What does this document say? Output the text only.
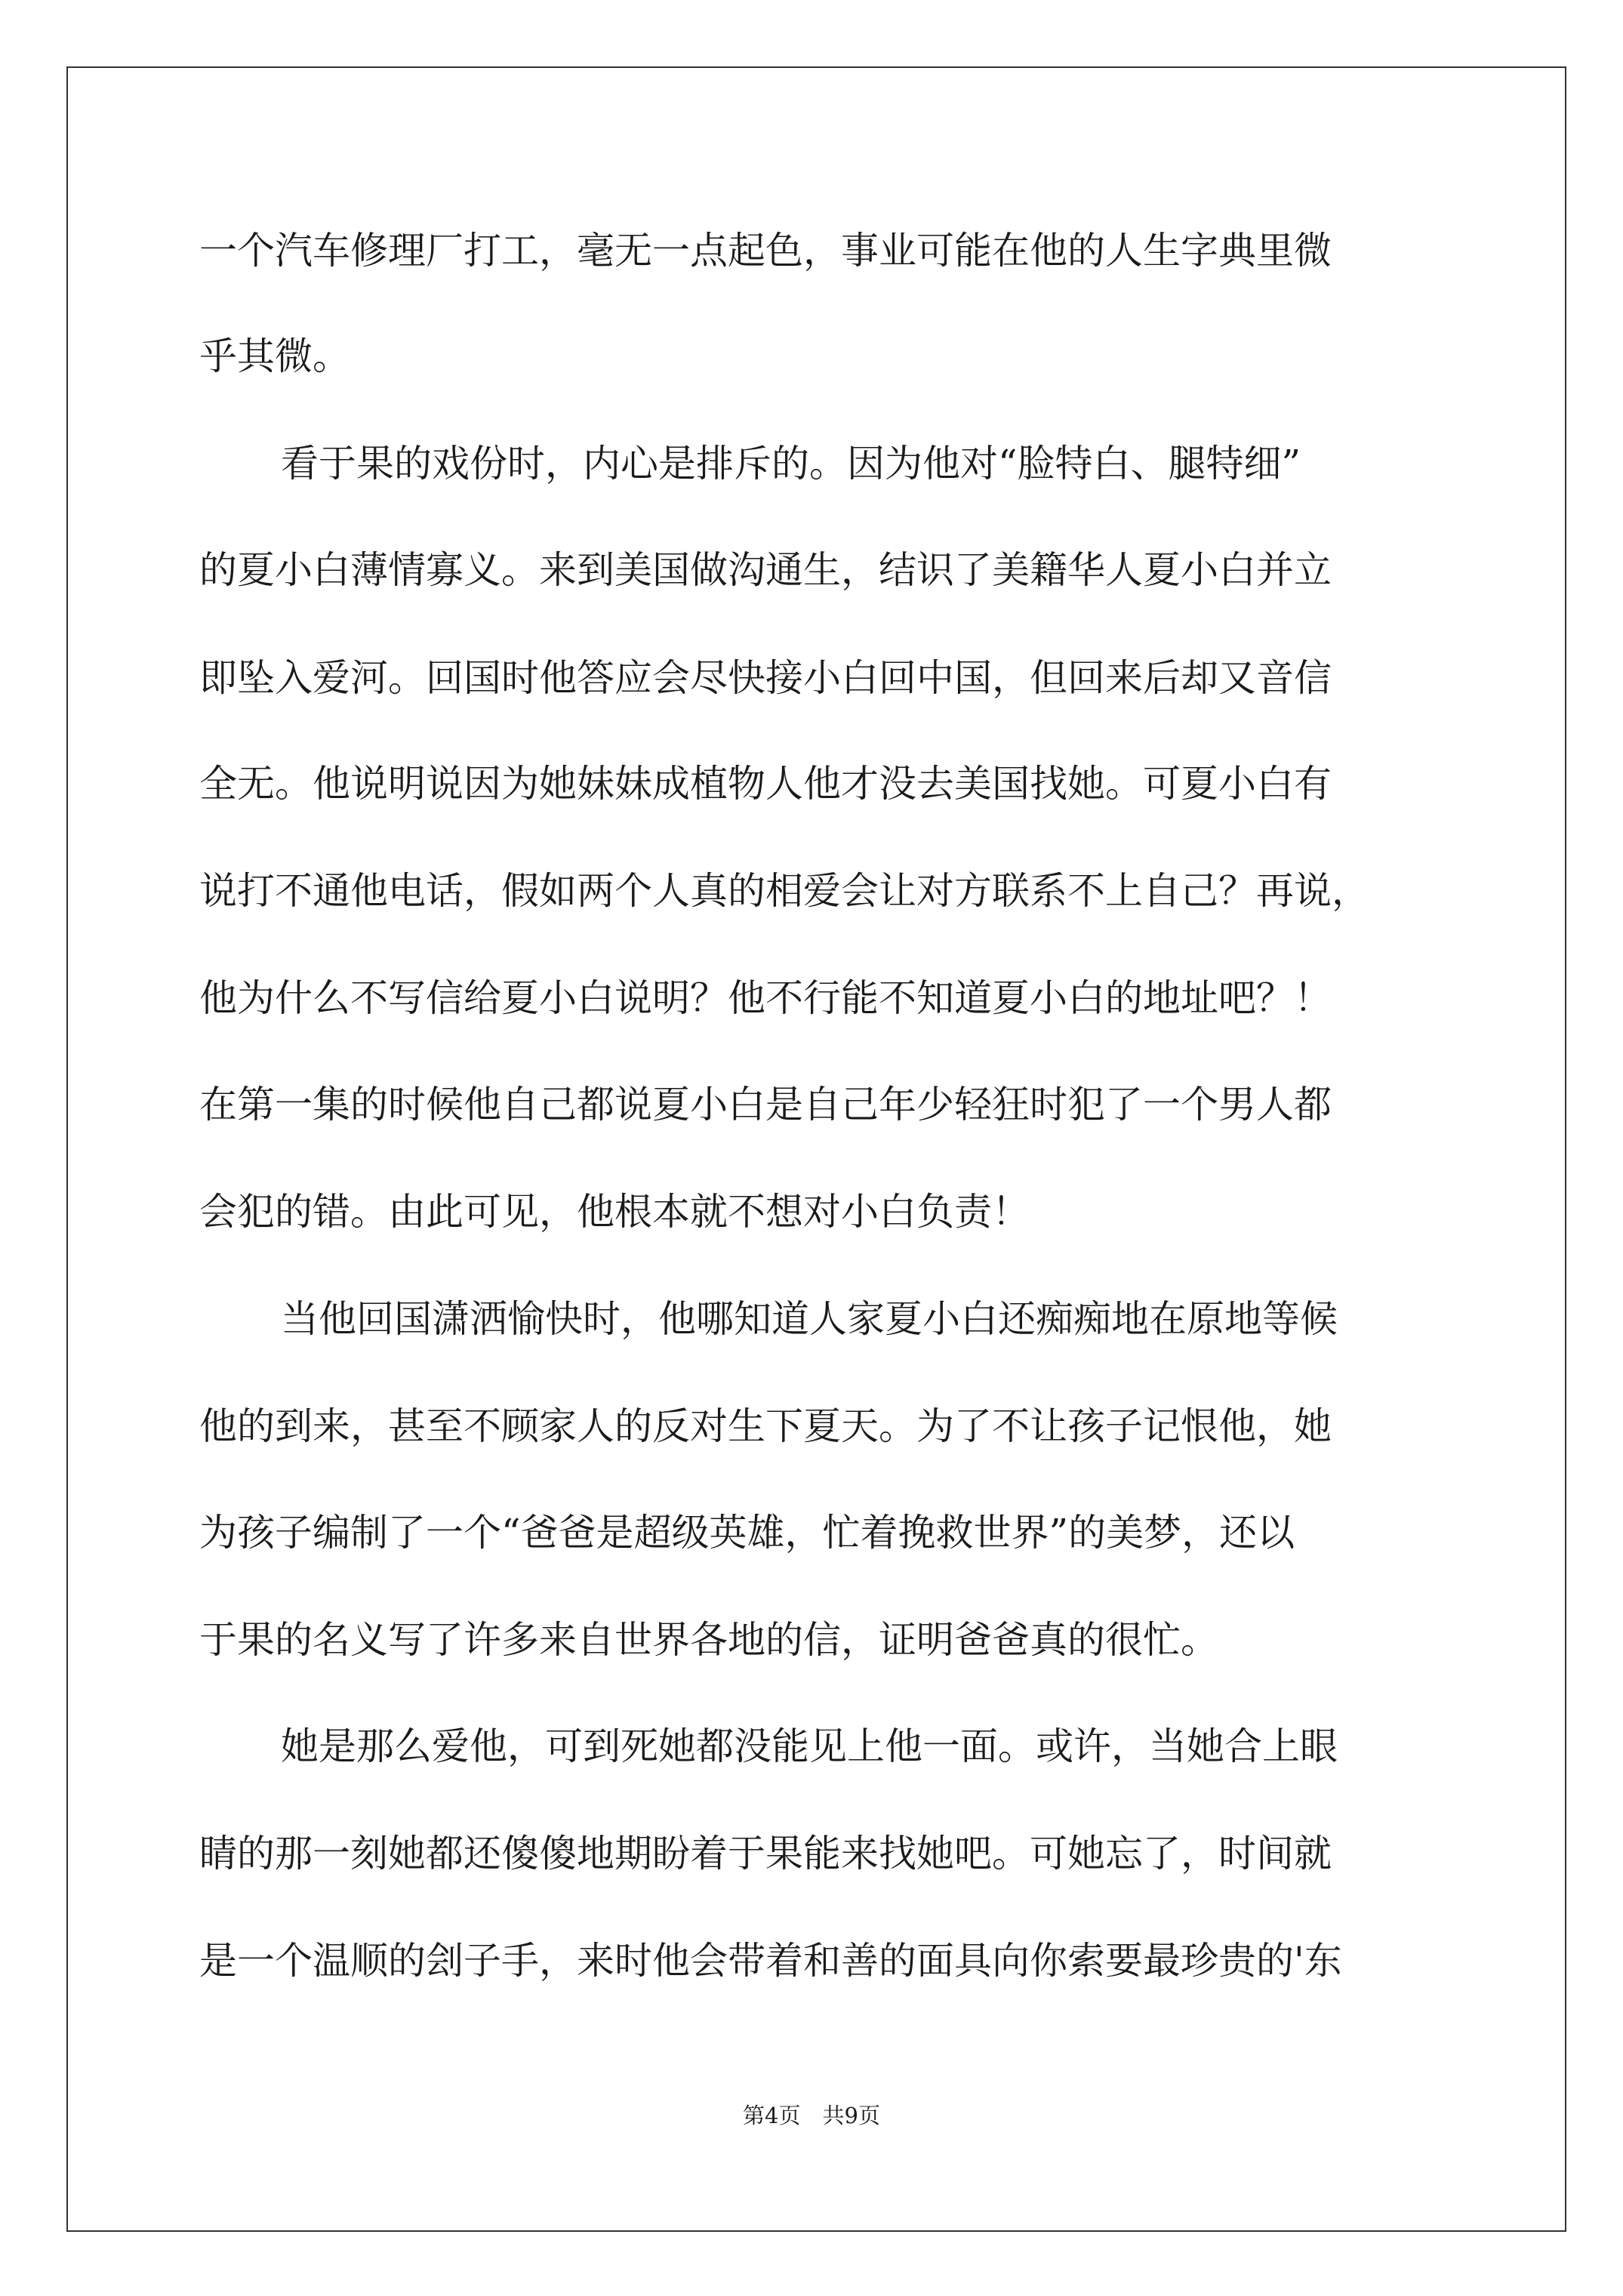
一个汽车修理厂打工，毫无一点起色，事业可能在他的人生字典里微
乎其微。
看于果的戏份时，内心是排斥的。因为他对“脸特白、腿特细”
的夏小白薄情寡义。来到美国做沟通生，结识了美籍华人夏小白并立
即坠入爱河。回国时他答应会尽快接小白回中国，但回来后却又音信
全无。他说明说因为她妹妹成植物人他才没去美国找她。可夏小白有
说打不通他电话，假如两个人真的相爱会让对方联系不上自己？再说，
他为什么不写信给夏小白说明？他不行能不知道夏小白的地址吧？！
在第一集的时候他自己都说夏小白是自己年少轻狂时犯了一个男人都
会犯的错。由此可见，他根本就不想对小白负责！
当他回国潇洒愉快时，他哪知道人家夏小白还痴痴地在原地等候
他的到来，甚至不顾家人的反对生下夏天。为了不让孩子记恨他，她
为孩子编制了一个“爸爸是超级英雄，忙着挽救世界”的美梦，还以
于果的名义写了许多来自世界各地的信，证明爸爸真的很忙。
她是那么爱他，可到死她都没能见上他一面。或许，当她合上眼
睛的那一刻她都还傻傻地期盼着于果能来找她吧。可她忘了，时间就
是一个温顺的刽子手，来时他会带着和善的面具向你索要最珍贵的'东
第4页　共9页
